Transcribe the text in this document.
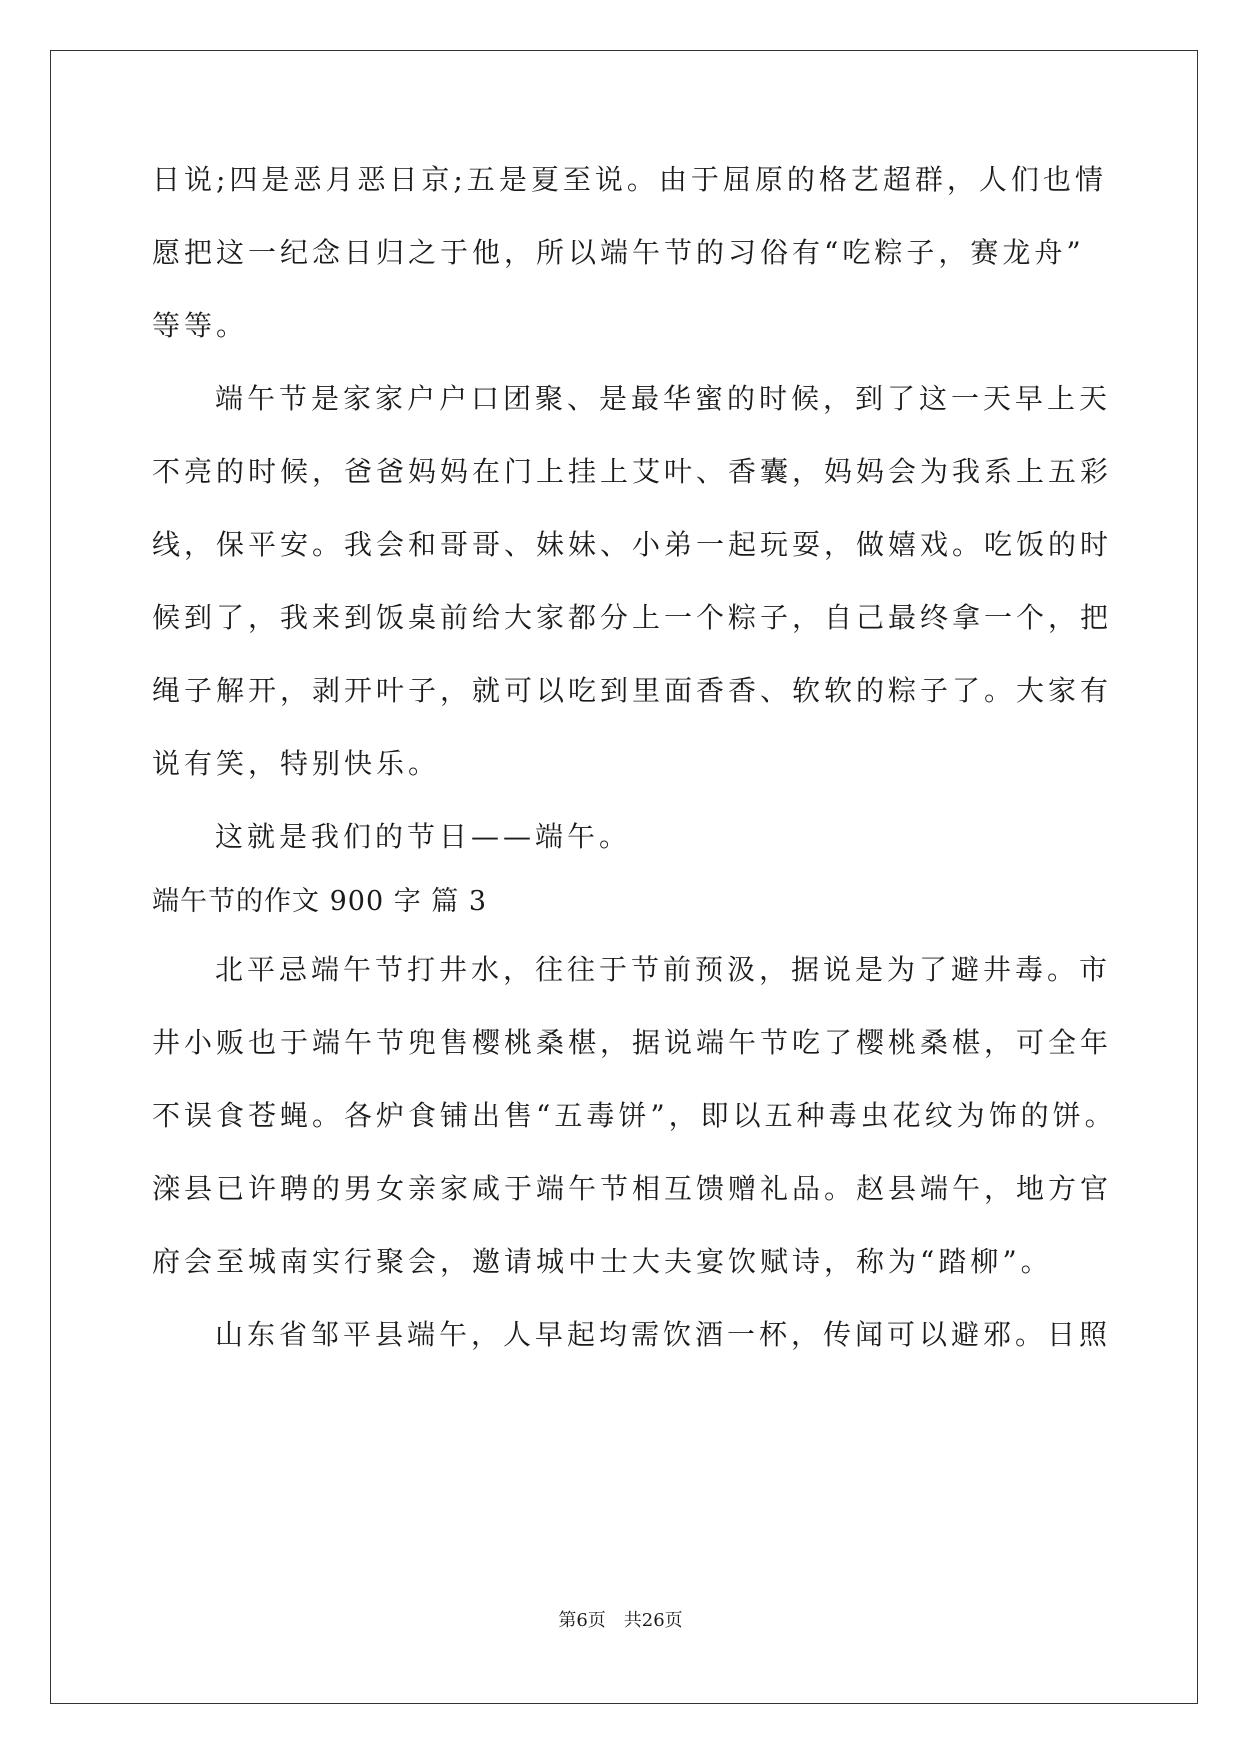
日说;四是恶月恶日京;五是夏至说。由于屈原的格艺超群，人们也情
愿把这一纪念日归之于他，所以端午节的习俗有“吃粽子，赛龙舟”
等等。
端午节是家家户户口团聚、是最华蜜的时候，到了这一天早上天
不亮的时候，爸爸妈妈在门上挂上艾叶、香囊，妈妈会为我系上五彩
线，保平安。我会和哥哥、妹妹、小弟一起玩耍，做嬉戏。吃饭的时
候到了，我来到饭桌前给大家都分上一个粽子，自己最终拿一个，把
绳子解开，剥开叶子，就可以吃到里面香香、软软的粽子了。大家有
说有笑，特别快乐。
这就是我们的节日——端午。
端午节的作文 900 字 篇 3
北平忌端午节打井水，往往于节前预汲，据说是为了避井毒。市
井小贩也于端午节兜售樱桃桑椹，据说端午节吃了樱桃桑椹，可全年
不误食苍蝇。各炉食铺出售“五毒饼”，即以五种毒虫花纹为饰的饼。
滦县已许聘的男女亲家咸于端午节相互馈赠礼品。赵县端午，地方官
府会至城南实行聚会，邀请城中士大夫宴饮赋诗，称为“踏柳”。
山东省邹平县端午，人早起均需饮酒一杯，传闻可以避邪。日照
第6页 共26页
